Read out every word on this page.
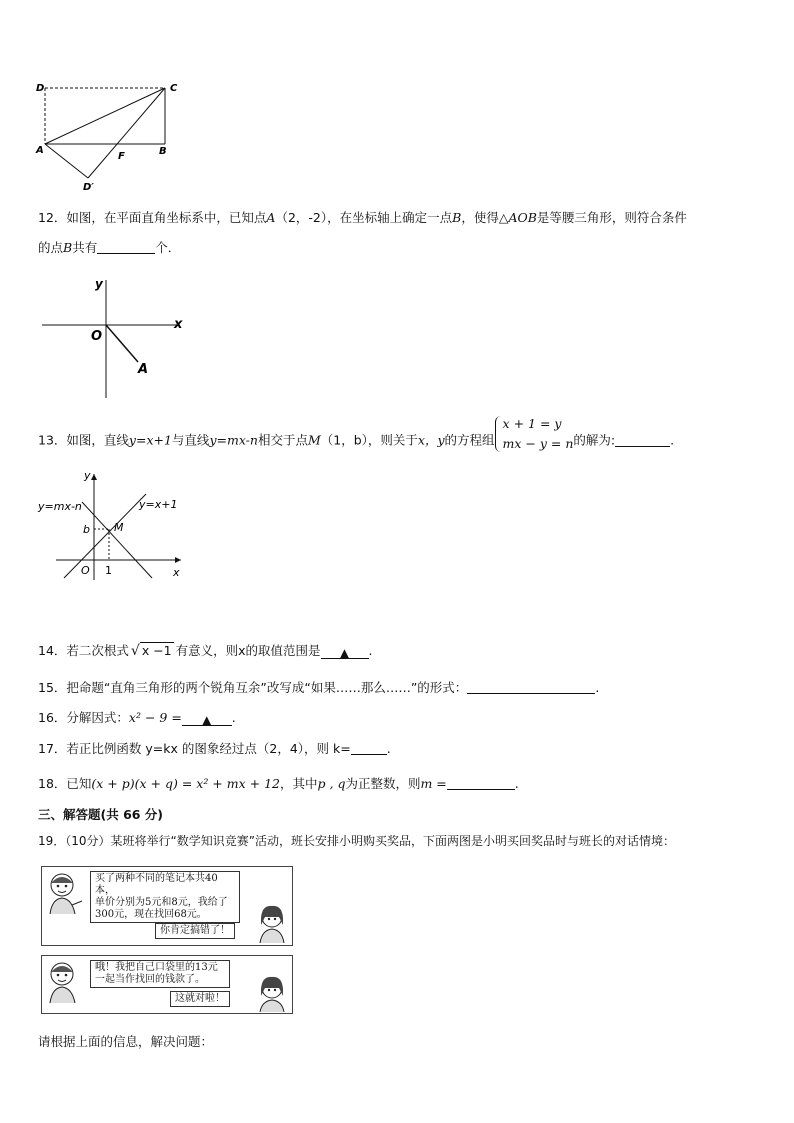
D	C
A	B
F
D′
12．如图，在平面直角坐标系中，已知点A（2，-2），在坐标轴上确定一点B，使得△AOB是等腰三角形，则符合条件
的点B共有	个．
y
x
O
A
13．如图，直线y=x+1与直线y=mx-n相交于点M（1，b），则关于x，y的方程组
x + 1 = y
mx − y = n 的解为:	.
y
x
O 1
b M
y=mx-n	y=x+1
14．若二次根式 √ x −1 有意义，则x的取值范围是 ▲ .
15．把命题“直角三角形的两个锐角互余”改写成“如果……那么……”的形式：	.
16．分解因式：x² − 9 = ▲ .
17．若正比例函数 y=kx 的图象经过点（2，4），则 k=	.
18．已知(x + p)(x + q) = x² + mx + 12，其中p , q为正整数，则m =	.
三、解答题(共 66 分)
19．（10分）某班将举行“数学知识竞赛”活动，班长安排小明购买奖品，下面两图是小明买回奖品时与班长的对话情境：
买了两种不同的笔记本共40本，
单价分别为5元和8元，我给了
300元，现在找回68元。
你肯定搞错了！
哦！我把自己口袋里的13元
一起当作找回的钱款了。
这就对啦！
请根据上面的信息，解决问题：
